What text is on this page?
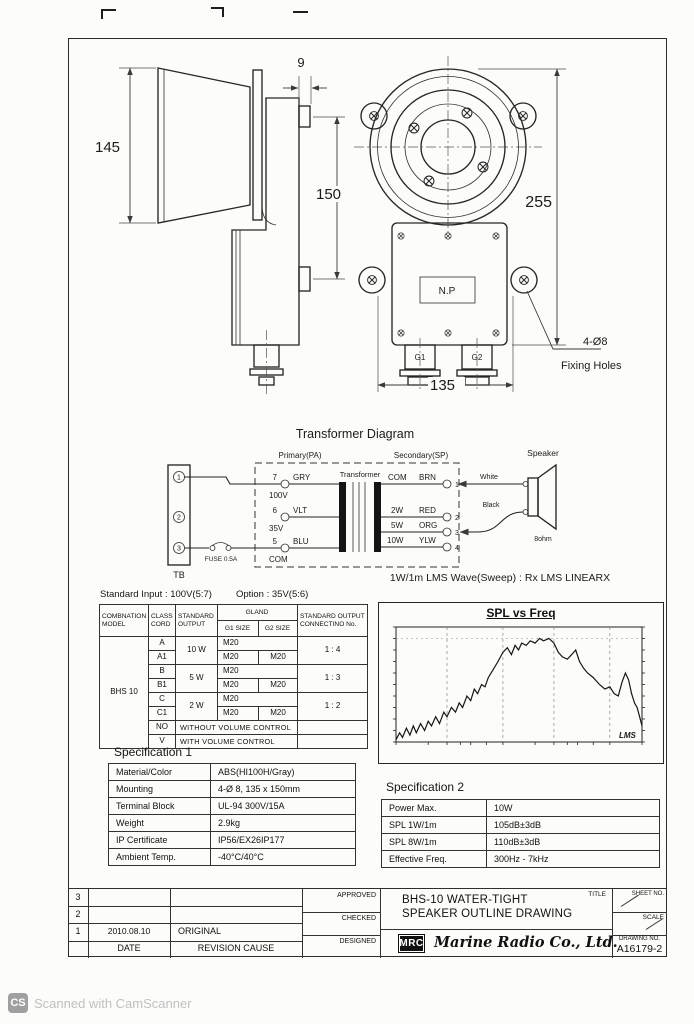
145
9
150
N.P
G1	G2
255
135
4-Ø8
Fixing Holes
Transformer Diagram
1
2
3
TB
FUSE 0.5A
Primary(PA)	Secondary(SP)
Transformer
7 GRY
100V
6 VLT
35V
5 BLU
COM
COM BRN
1
2W RED
2
5W ORG
3
10W YLW
4
Speaker
White
Black
8ohm
1W/1m LMS Wave(Sweep) : Rx LMS LINEARX
Standard Input : 100V(5:7)	Option : 35V(5:6)
COMBNATION MODEL	CLASS CORD	STANDARD OUTPUT	GLAND		STANDARD OUTPUT CONNECTINO No.
			G1 SIZE	G2 SIZE	
BHS 10	A	10 W	M20		1 : 4
	A1		M20	M20	
	B	5 W	M20		1 : 3
	B1		M20	M20	
	C	2 W	M20		1 : 2
	C1		M20	M20	
	NO	WITHOUT VOLUME CONTROL			
	V	WITH VOLUME CONTROL			
SPL vs Freq
LMS
Specification 1
Material/Color	ABS(HI100H/Gray)
Mounting	4-Ø 8, 135 x 150mm
Terminal Block	UL-94 300V/15A
Weight	2.9kg
IP Certificate	IP56/EX26IP177
Ambient Temp.	-40°C/40°C
Specification 2
Power Max.	10W
SPL 1W/1m	105dB±3dB
SPL 8W/1m	110dB±3dB
Effective Freq.	300Hz - 7kHz
3
2
1	2010.08.10	ORIGINAL
DATE	REVISION CAUSE
APPROVED
CHECKED
DESIGNED
TITLE
BHS-10 WATER-TIGHT
SPEAKER OUTLINE DRAWING
MRC Marine Radio Co., Ltd.
SHEET NO.
SCALE
DRAWING NO.
A16179-2
CS Scanned with CamScanner
